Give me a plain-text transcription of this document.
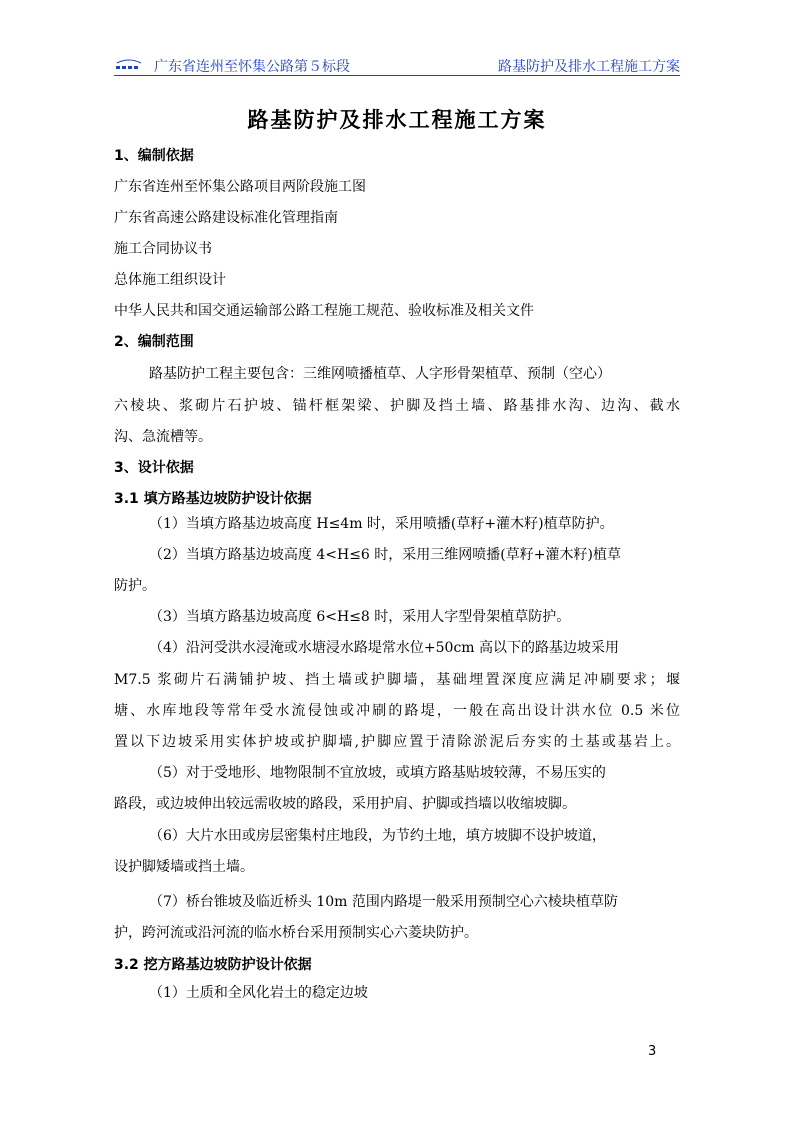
广东省连州至怀集公路第５标段	路基防护及排水工程施工方案
路基防护及排水工程施工方案
1、编制依据
广东省连州至怀集公路项目两阶段施工图
广东省高速公路建设标准化管理指南
施工合同协议书
总体施工组织设计
中华人民共和国交通运输部公路工程施工规范、验收标准及相关文件
2、编制范围
路基防护工程主要包含：三维网喷播植草、人字形骨架植草、预制（空心）
六棱块、浆砌片石护坡、锚杆框架梁、护脚及挡土墙、路基排水沟、边沟、截水
沟、急流槽等。
3、设计依据
3.1 填方路基边坡防护设计依据
（1）当填方路基边坡高度 H≤4m 时，采用喷播(草籽+灌木籽)植草防护。
（2）当填方路基边坡高度 4<H≤6 时，采用三维网喷播(草籽+灌木籽)植草
防护。
（3）当填方路基边坡高度 6<H≤8 时，采用人字型骨架植草防护。
（4）沿河受洪水浸淹或水塘浸水路堤常水位+50cm 高以下的路基边坡采用
M7.5 浆砌片石满铺护坡、挡土墙或护脚墙，基础埋置深度应满足冲刷要求；堰
塘、水库地段等常年受水流侵蚀或冲刷的路堤，一般在高出设计洪水位 0.5 米位
置以下边坡采用实体护坡或护脚墙,护脚应置于清除淤泥后夯实的土基或基岩上。
（5）对于受地形、地物限制不宜放坡，或填方路基贴坡较薄，不易压实的
路段，或边坡伸出较远需收坡的路段，采用护肩、护脚或挡墙以收缩坡脚。
（6）大片水田或房层密集村庄地段，为节约土地，填方坡脚不设护坡道，
设护脚矮墙或挡土墙。
（7）桥台锥坡及临近桥头 10m 范围内路堤一般采用预制空心六棱块植草防
护，跨河流或沿河流的临水桥台采用预制实心六菱块防护。
3.2 挖方路基边坡防护设计依据
（1）土质和全风化岩土的稳定边坡
3
